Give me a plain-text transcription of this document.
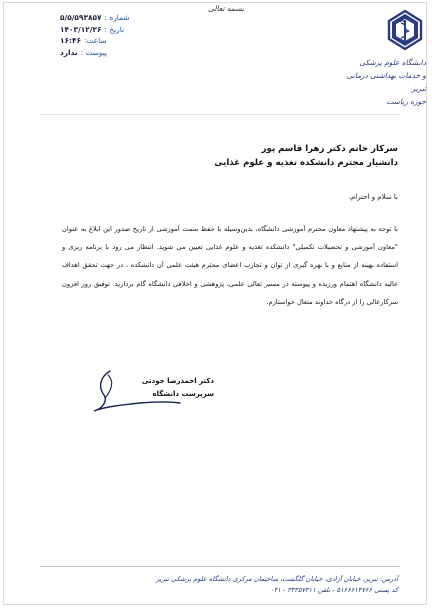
بسمه تعالی
شماره :
۵/۵/۵۹۳۸۵۷
تاریخ :
۱۴۰۳/۱۲/۲۶
ساعت:
۱۶:۴۶
پیوست :
ندارد
دانشگاه علوم پزشکی
و خدمات بهداشتی درمانی تبریز
حوزه ریاست
سرکار خانم دکتر زهرا قاسم پور
دانشیار محترم دانشکده تغذیه و علوم غذایی
با سلام و احترام،
با توجه به پیشنهاد معاون محترم آموزشی دانشگاه، بدین‌وسیله با حفظ سمت آموزشی از تاریخ صدور این ابلاغ به عنوان "معاون آموزشی و تحصیلات تکمیلی" دانشکده تغذیه و علوم غذایی تعیین می شوید. انتظار می رود با برنامه ریزی و استفاده بهینه از منابع و با بهره گیری از توان و تجارب اعضای محترم هیئت علمی آن دانشکده ، در جهت تحقق اهداف عالیه دانشگاه اهتمام ورزیده و پیوسته در مسیر تعالی علمی، پژوهشی و اخلاقی دانشگاه گام بردارید. توفیق روز افزون سرکارعالی را از درگاه خداوند متعال خواستارم.
دکتر احمدرضا جودتی
سرپرست دانشگاه
آدرس: تبریز، خیابان آزادی، خیابان گلگشت، ساختمان مرکزی دانشگاه علوم پزشکی تبریز
کد پستی ۵۱۶۶۶۱۴۷۶۶ - تلفن ۳۳۳۵۷۳۱۱ - ۰۴۱
